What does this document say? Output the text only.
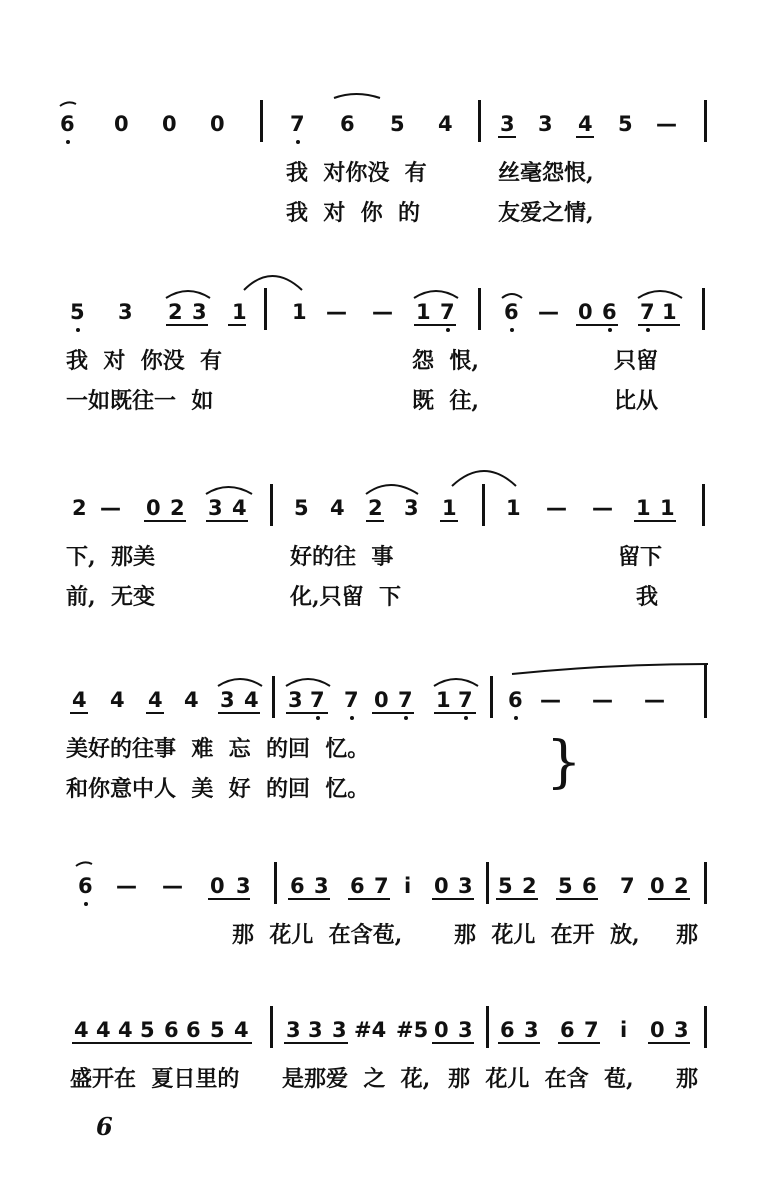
6 0 0 0	7 6 5 4 3 3 4 5 —
我  对你没  有	丝毫怨恨,
我  对  你  的	友爱之情,
5 3 2 3 1 1 — — 1 7 6 — 0 6 7 1
我  对  你没  有	怨  恨,	只留
一如既往一  如	既  往,	比从
2 — 0 2 3 4 5 4 2 3 1 1 — — 1 1
下,  那美	好的往  事	留下
前,  无变	化,只留  下	我
4 4 4 4 3 4 3 7 7 0 7 1 7 6 — — —
美好的往事  难  忘  的回  忆。
和你意中人  美  好  的回  忆。	}
6 — — 0 3 6 3 6 7 i 0 3 5 2 5 6 7 0 2
那  花儿  在含苞, 那  花儿  在开  放, 那
4 4 4 5 6 6 5 4 3 3 3 #4 #5 0 3 6 3 6 7 i 0 3
盛开在  夏日里的 是那爱  之  花, 那  花儿  在含  苞, 那
6
